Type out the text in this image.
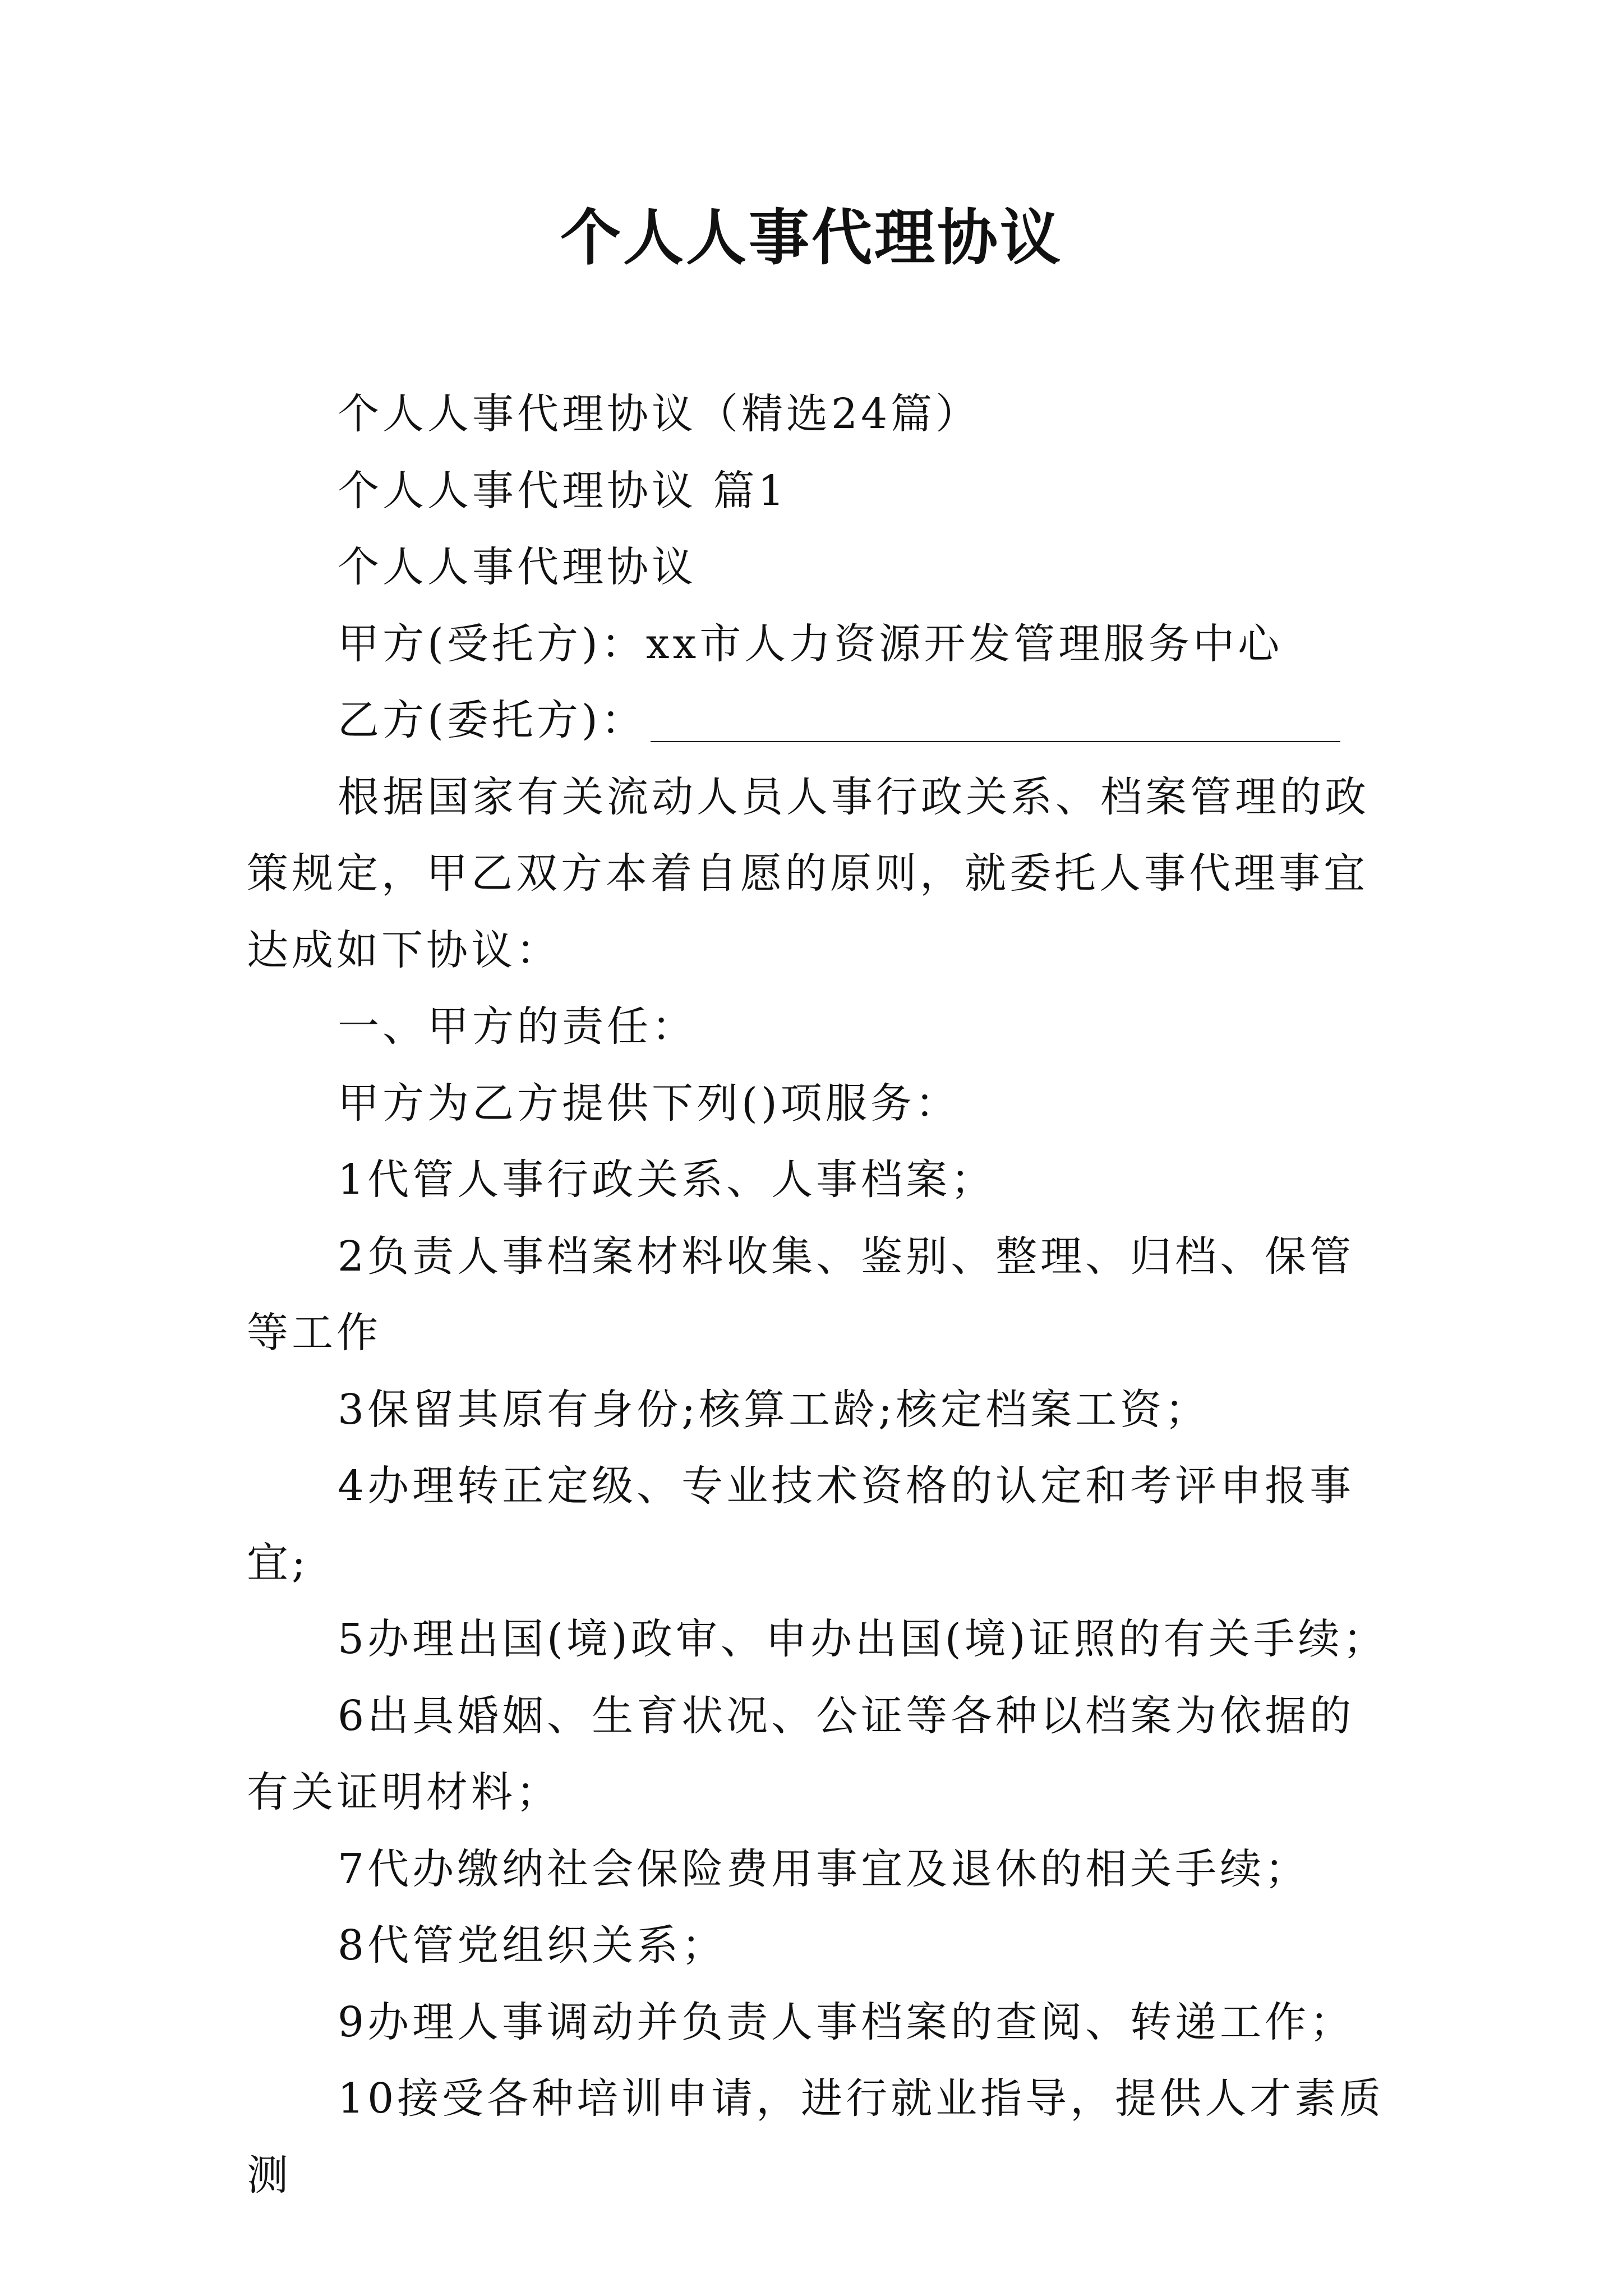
个人人事代理协议

个人人事代理协议（精选24篇）

个人人事代理协议 篇1

个人人事代理协议

甲方(受托方)：xx市人力资源开发管理服务中心

乙方(委托方)：

根据国家有关流动人员人事行政关系、档案管理的政策规定，甲乙双方本着自愿的原则，就委托人事代理事宜达成如下协议：

一、甲方的责任：

甲方为乙方提供下列()项服务：

1代管人事行政关系、人事档案；

2负责人事档案材料收集、鉴别、整理、归档、保管等工作

3保留其原有身份;核算工龄;核定档案工资；

4办理转正定级、专业技术资格的认定和考评申报事宜;

5办理出国(境)政审、申办出国(境)证照的有关手续；

6出具婚姻、生育状况、公证等各种以档案为依据的有关证明材料；

7代办缴纳社会保险费用事宜及退休的相关手续；

8代管党组织关系；

9办理人事调动并负责人事档案的查阅、转递工作；

10接受各种培训申请，进行就业指导，提供人才素质测
